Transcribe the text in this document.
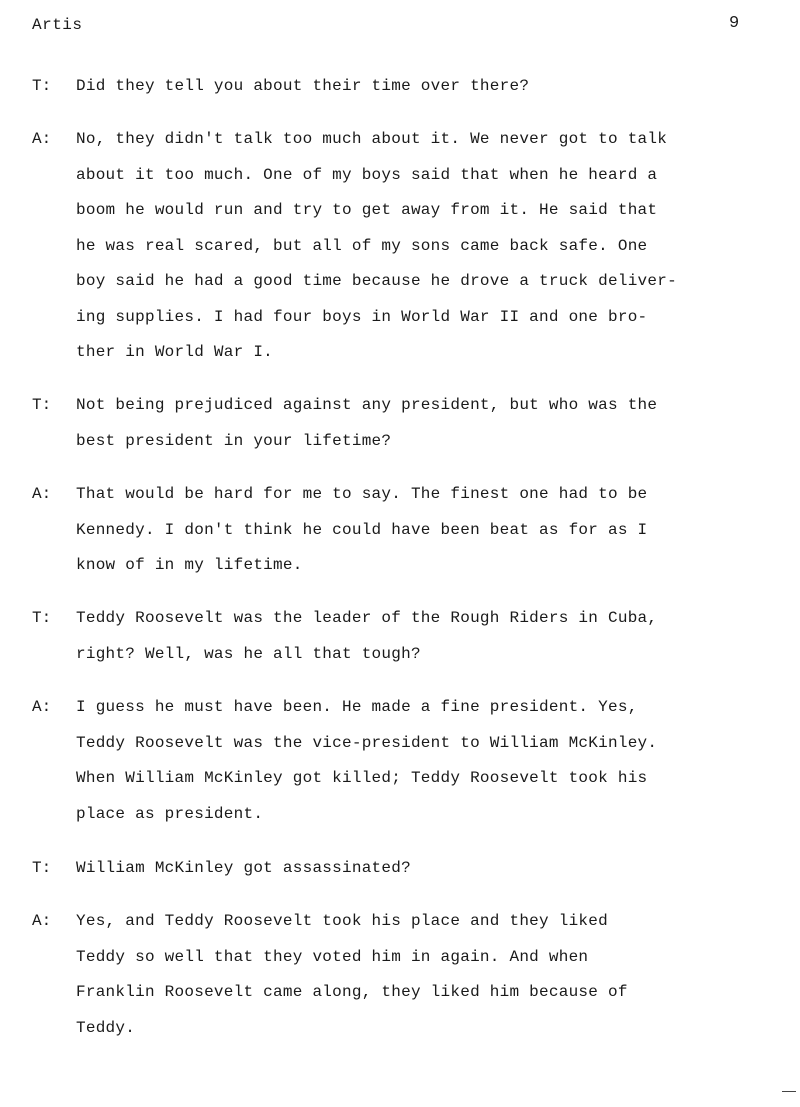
Artis	9
T:	Did they tell you about their time over there?
A:	No, they didn't talk too much about it. We never got to talk
about it too much. One of my boys said that when he heard a
boom he would run and try to get away from it. He said that
he was real scared, but all of my sons came back safe. One
boy said he had a good time because he drove a truck deliver-
ing supplies. I had four boys in World War II and one bro-
ther in World War I.
T:	Not being prejudiced against any president, but who was the
best president in your lifetime?
A:	That would be hard for me to say. The finest one had to be
Kennedy. I don't think he could have been beat as for as I
know of in my lifetime.
T:	Teddy Roosevelt was the leader of the Rough Riders in Cuba,
right? Well, was he all that tough?
A:	I guess he must have been. He made a fine president. Yes,
Teddy Roosevelt was the vice-president to William McKinley.
When William McKinley got killed; Teddy Roosevelt took his
place as president.
T:	William McKinley got assassinated?
A:	Yes, and Teddy Roosevelt took his place and they liked
Teddy so well that they voted him in again. And when
Franklin Roosevelt came along, they liked him because of
Teddy.
